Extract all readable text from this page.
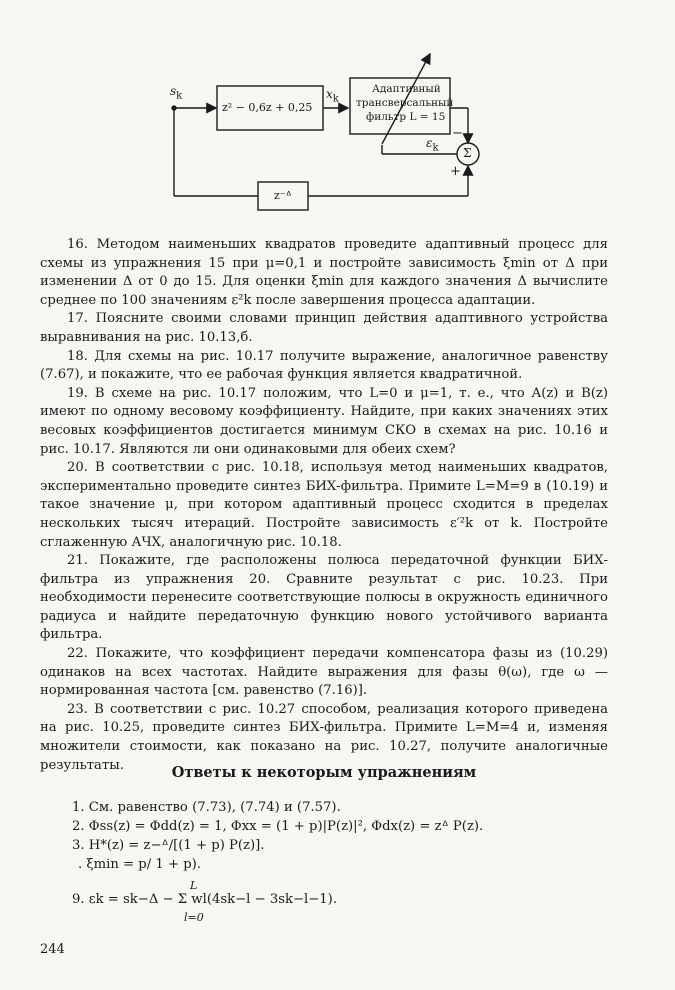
$s_k$
z² − 0,6z + 0,25
$x_k$
Адаптивный
трансверсальный
фильтр L = 15
$\varepsilon_k$
−
+
Σ
z⁻ᐞ

16. Методом наименьших квадратов проведите адаптивный процесс для схемы из упражнения 15 при μ=0,1 и постройте зависимость ξmin от Δ при изменении Δ от 0 до 15. Для оценки ξmin для каждого значения Δ вычислите среднее по 100 значениям ε²k после завершения процесса адаптации.

17. Поясните своими словами принцип действия адаптивного устройства выравнивания на рис. 10.13,б.

18. Для схемы на рис. 10.17 получите выражение, аналогичное равенству (7.67), и покажите, что ее рабочая функция является квадратичной.

19. В схеме на рис. 10.17 положим, что L=0 и μ=1, т. е., что A(z) и B(z) имеют по одному весовому коэффициенту. Найдите, при каких значениях этих весовых коэффициентов достигается минимум СКО в схемах на рис. 10.16 и рис. 10.17. Являются ли они одинаковыми для обеих схем?

20. В соответствии с рис. 10.18, используя метод наименьших квадратов, экспериментально проведите синтез БИХ-фильтра. Примите L=M=9 в (10.19) и такое значение μ, при котором адаптивный процесс сходится в пределах нескольких тысяч итераций. Постройте зависимость ε′²k от k. Постройте сглаженную АЧХ, аналогичную рис. 10.18.

21. Покажите, где расположены полюса передаточной функции БИХ-фильтра из упражнения 20. Сравните результат с рис. 10.23. При необходимости перенесите соответствующие полюсы в окружность единичного радиуса и найдите передаточную функцию нового устойчивого варианта фильтра.

22. Покажите, что коэффициент передачи компенсатора фазы из (10.29) одинаков на всех частотах. Найдите выражения для фазы θ(ω), где ω — нормированная частота [см. равенство (7.16)].

23. В соответствии с рис. 10.27 способом, реализация которого приведена на рис. 10.25, проведите синтез БИХ-фильтра. Примите L=M=4 и, изменяя множители стоимости, как показано на рис. 10.27, получите аналогичные результаты.	Ответы к некоторым упражнениям
1. См. равенство (7.73), (7.74) и (7.57).
2. Φss(z) = Φdd(z) = 1, Φxx = (1 + p)|P(z)|², Φdx(z) = zᐞ P(z).
3. H*(z) = z−ᐞ/[(1 + p) P(z)].
. ξmin = p/ 1 + p).
L
9. εk = sk−Δ − Σ wl(4sk−l − 3sk−l−1).
l=0
244
